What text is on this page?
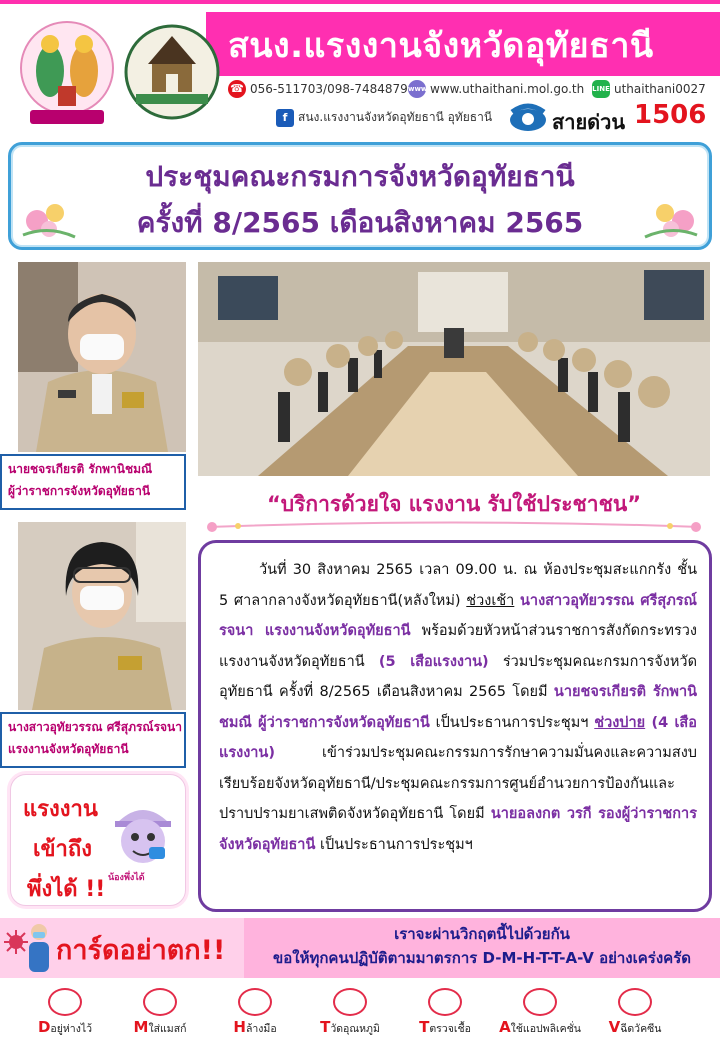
สนง.แรงงานจังหวัดอุทัยธานี
☎ 056-511703/098-7484879 www www.uthaithani.mol.go.th LINE uthaithani0027
f สนง.แรงงานจังหวัดอุทัยธานี อุทัยธานี	สายด่วน 1506
ประชุมคณะกรมการจังหวัดอุทัยธานี
ครั้งที่ 8/2565 เดือนสิงหาคม 2565
นายชจรเกียรติ รักพานิชมณี
ผู้ว่าราชการจังหวัดอุทัยธานี
นางสาวอุทัยวรรณ ศรีสุภรณ์รจนา
แรงงานจังหวัดอุทัยธานี
“บริการด้วยใจ แรงงาน รับใช้ประชาชน”

วันที่ 30 สิงหาคม 2565 เวลา 09.00 น. ณ ห้องประชุมสะแกกรัง ชั้น 5 ศาลากลางจังหวัดอุทัยธานี(หลังใหม่) ช่วงเช้า นางสาวอุทัยวรรณ ศรีสุภรณ์รจนา แรงงานจังหวัดอุทัยธานี พร้อมด้วยหัวหน้าส่วนราชการสังกัดกระทรวงแรงงานจังหวัดอุทัยธานี (5 เสือแรงงาน) ร่วมประชุมคณะกรมการจังหวัดอุทัยธานี ครั้งที่ 8/2565 เดือนสิงหาคม 2565 โดยมี นายชจรเกียรติ รักพานิชมณี ผู้ว่าราชการจังหวัดอุทัยธานี เป็นประธานการประชุมฯ ช่วงบ่าย (4 เสือแรงงาน) เข้าร่วมประชุมคณะกรรมการรักษาความมั่นคงและความสงบเรียบร้อยจังหวัดอุทัยธานี/ประชุมคณะกรรมการศูนย์อำนวยการป้องกันและปราบปรามยาเสพติดจังหวัดอุทัยธานี โดยมี นายอลงกต วรกี รองผู้ว่าราชการจังหวัดอุทัยธานี เป็นประธานการประชุมฯ

แรงงาน
เข้าถึง
พึ่งได้ !! น้องพึ่งได้
การ์ดอย่าตก!!
เราจะผ่านวิกฤตนี้ไปด้วยกัน
ขอให้ทุกคนปฏิบัติตามมาตรการ D-M-H-T-T-A-V อย่างเคร่งครัด
Dอยู่ห่างไว้	Mใส่แมสก์	Hล้างมือ	Tวัดอุณหภูมิ	Tตรวจเชื้อ	Aใช้แอปพลิเคชั่น	Vฉีดวัคซีน
